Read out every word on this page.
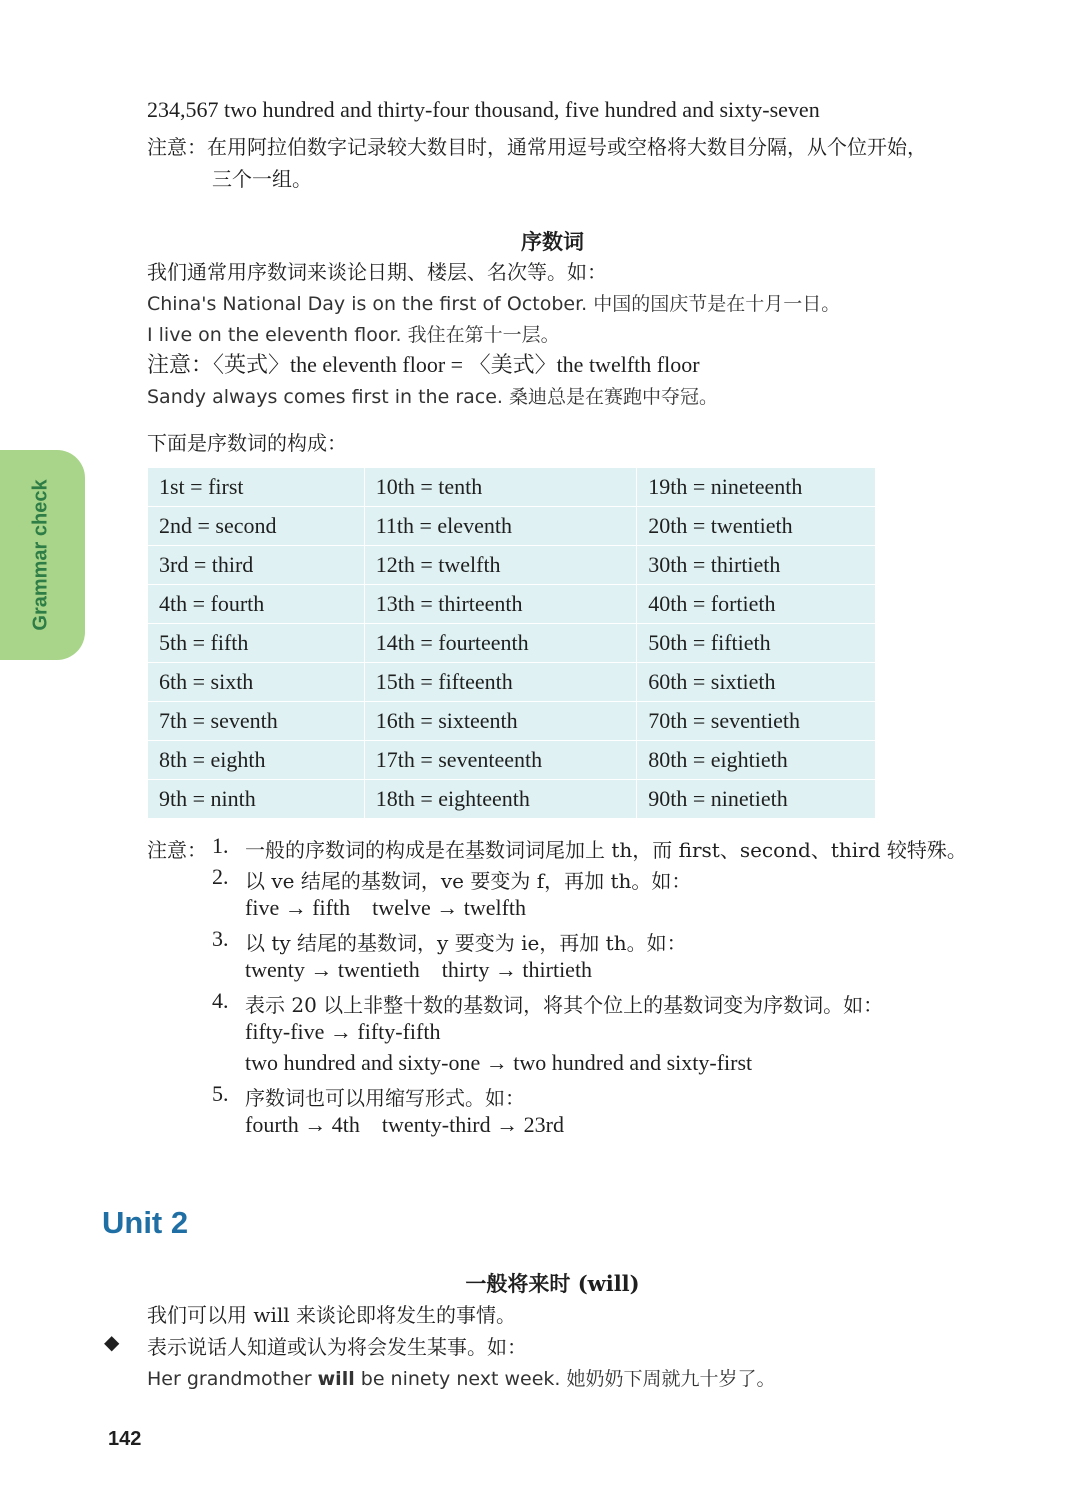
Grammar check
234,567 two hundred and thirty-four thousand, five hundred and sixty-seven
注意：在用阿拉伯数字记录较大数目时，通常用逗号或空格将大数目分隔，从个位开始，
三个一组。
序数词
我们通常用序数词来谈论日期、楼层、名次等。如：
China's National Day is on the first of October. 中国的国庆节是在十月一日。
I live on the eleventh floor. 我住在第十一层。
注意：〈英式〉the eleventh floor = 〈美式〉the twelfth floor
Sandy always comes first in the race. 桑迪总是在赛跑中夺冠。
下面是序数词的构成：
1st = first	10th = tenth	19th = nineteenth
2nd = second	11th = eleventh	20th = twentieth
3rd = third	12th = twelfth	30th = thirtieth
4th = fourth	13th = thirteenth	40th = fortieth
5th = fifth	14th = fourteenth	50th = fiftieth
6th = sixth	15th = fifteenth	60th = sixtieth
7th = seventh	16th = sixteenth	70th = seventieth
8th = eighth	17th = seventeenth	80th = eightieth
9th = ninth	18th = eighteenth	90th = ninetieth
注意： 1. 一般的序数词的构成是在基数词词尾加上 th，而 first、second、third 较特殊。
2. 以 ve 结尾的基数词，ve 要变为 f，再加 th。如：
five → fifth    twelve → twelfth
3. 以 ty 结尾的基数词，y 要变为 ie，再加 th。如：
twenty → twentieth    thirty → thirtieth
4. 表示 20 以上非整十数的基数词，将其个位上的基数词变为序数词。如：
fifty-five → fifty-fifth
two hundred and sixty-one → two hundred and sixty-first
5. 序数词也可以用缩写形式。如：
fourth → 4th    twenty-third → 23rd
Unit 2
一般将来时 (will)
我们可以用 will 来谈论即将发生的事情。
◆ 表示说话人知道或认为将会发生某事。如：
Her grandmother will be ninety next week. 她奶奶下周就九十岁了。
142
